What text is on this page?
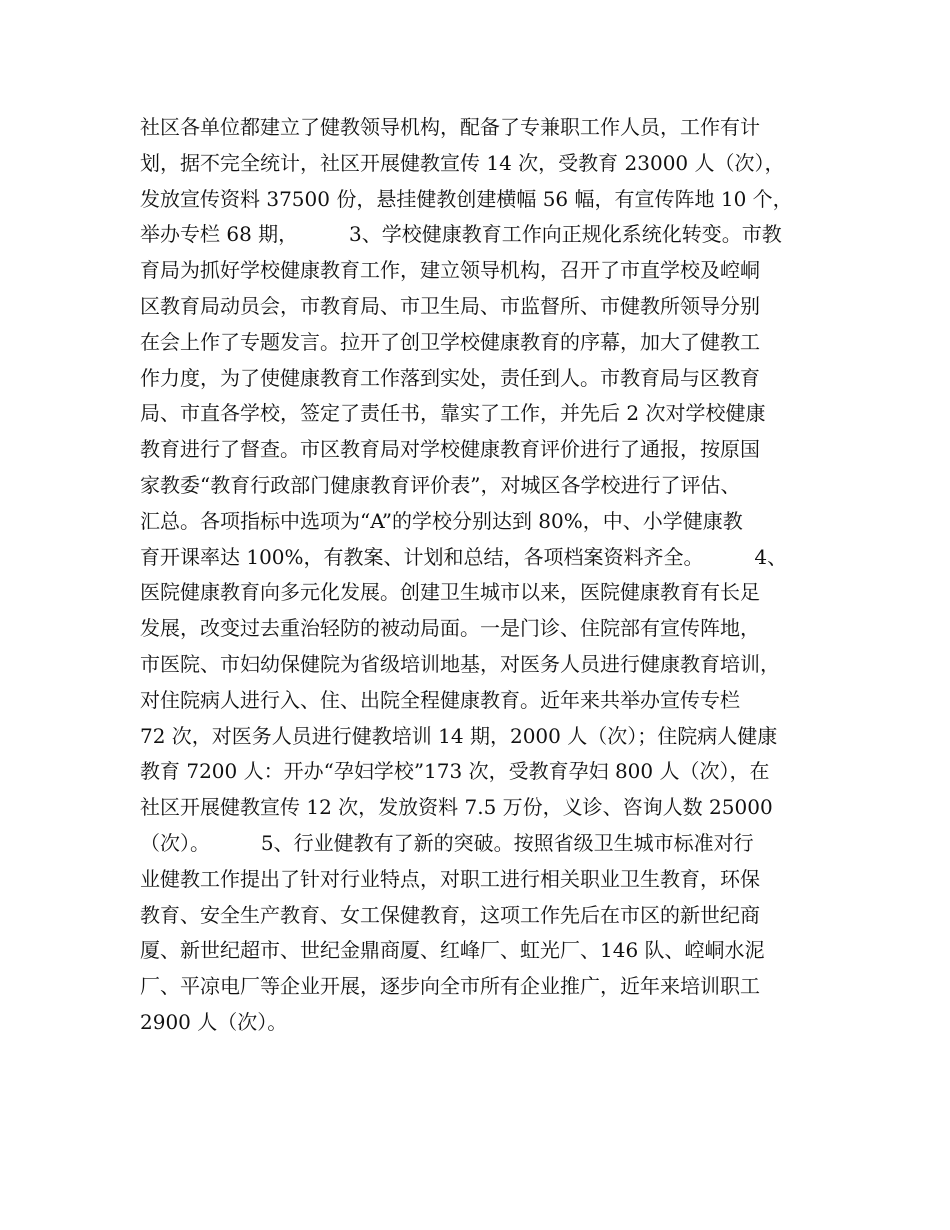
社区各单位都建立了健教领导机构，配备了专兼职工作人员，工作有计
划，据不完全统计，社区开展健教宣传 14 次，受教育 23000 人（次），
发放宣传资料 37500 份，悬挂健教创建横幅 56 幅，有宣传阵地 10 个，
举办专栏 68 期，        3、学校健康教育工作向正规化系统化转变。市教
育局为抓好学校健康教育工作，建立领导机构，召开了市直学校及崆峒
区教育局动员会，市教育局、市卫生局、市监督所、市健教所领导分别
在会上作了专题发言。拉开了创卫学校健康教育的序幕，加大了健教工
作力度，为了使健康教育工作落到实处，责任到人。市教育局与区教育
局、市直各学校，签定了责任书，靠实了工作，并先后 2 次对学校健康
教育进行了督查。市区教育局对学校健康教育评价进行了通报，按原国
家教委“教育行政部门健康教育评价表”，对城区各学校进行了评估、
汇总。各项指标中选项为“A”的学校分别达到 80%，中、小学健康教
育开课率达 100%，有教案、计划和总结，各项档案资料齐全。        4、
医院健康教育向多元化发展。创建卫生城市以来，医院健康教育有长足
发展，改变过去重治轻防的被动局面。一是门诊、住院部有宣传阵地，
市医院、市妇幼保健院为省级培训地基，对医务人员进行健康教育培训，
对住院病人进行入、住、出院全程健康教育。近年来共举办宣传专栏
72 次，对医务人员进行健教培训 14 期，2000 人（次）；住院病人健康
教育 7200 人：开办“孕妇学校”173 次，受教育孕妇 800 人（次），在
社区开展健教宣传 12 次，发放资料 7.5 万份，义诊、咨询人数 25000
（次）。        5、行业健教有了新的突破。按照省级卫生城市标准对行
业健教工作提出了针对行业特点，对职工进行相关职业卫生教育，环保
教育、安全生产教育、女工保健教育，这项工作先后在市区的新世纪商
厦、新世纪超市、世纪金鼎商厦、红峰厂、虹光厂、146 队、崆峒水泥
厂、平凉电厂等企业开展，逐步向全市所有企业推广，近年来培训职工
2900 人（次）。
